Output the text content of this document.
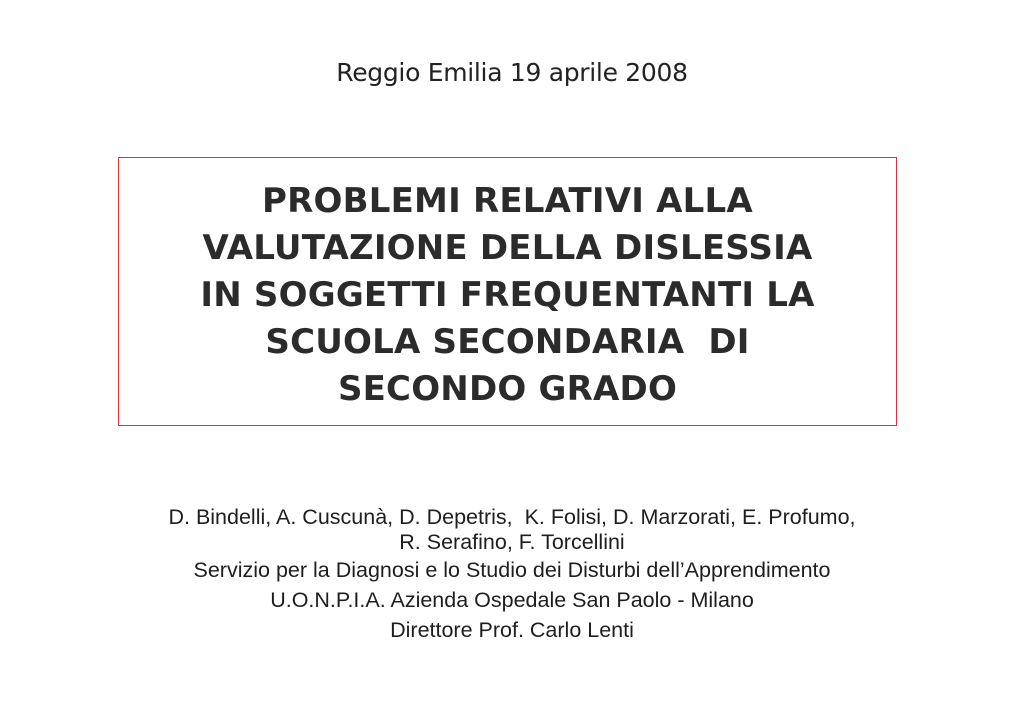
Reggio Emilia 19 aprile 2008
PROBLEMI RELATIVI ALLA
VALUTAZIONE DELLA DISLESSIA
IN SOGGETTI FREQUENTANTI LA
SCUOLA SECONDARIA  DI
SECONDO GRADO
D. Bindelli, A. Cuscunà, D. Depetris,  K. Folisi, D. Marzorati, E. Profumo,
R. Serafino, F. Torcellini
Servizio per la Diagnosi e lo Studio dei Disturbi dell’Apprendimento
U.O.N.P.I.A. Azienda Ospedale San Paolo - Milano
Direttore Prof. Carlo Lenti
